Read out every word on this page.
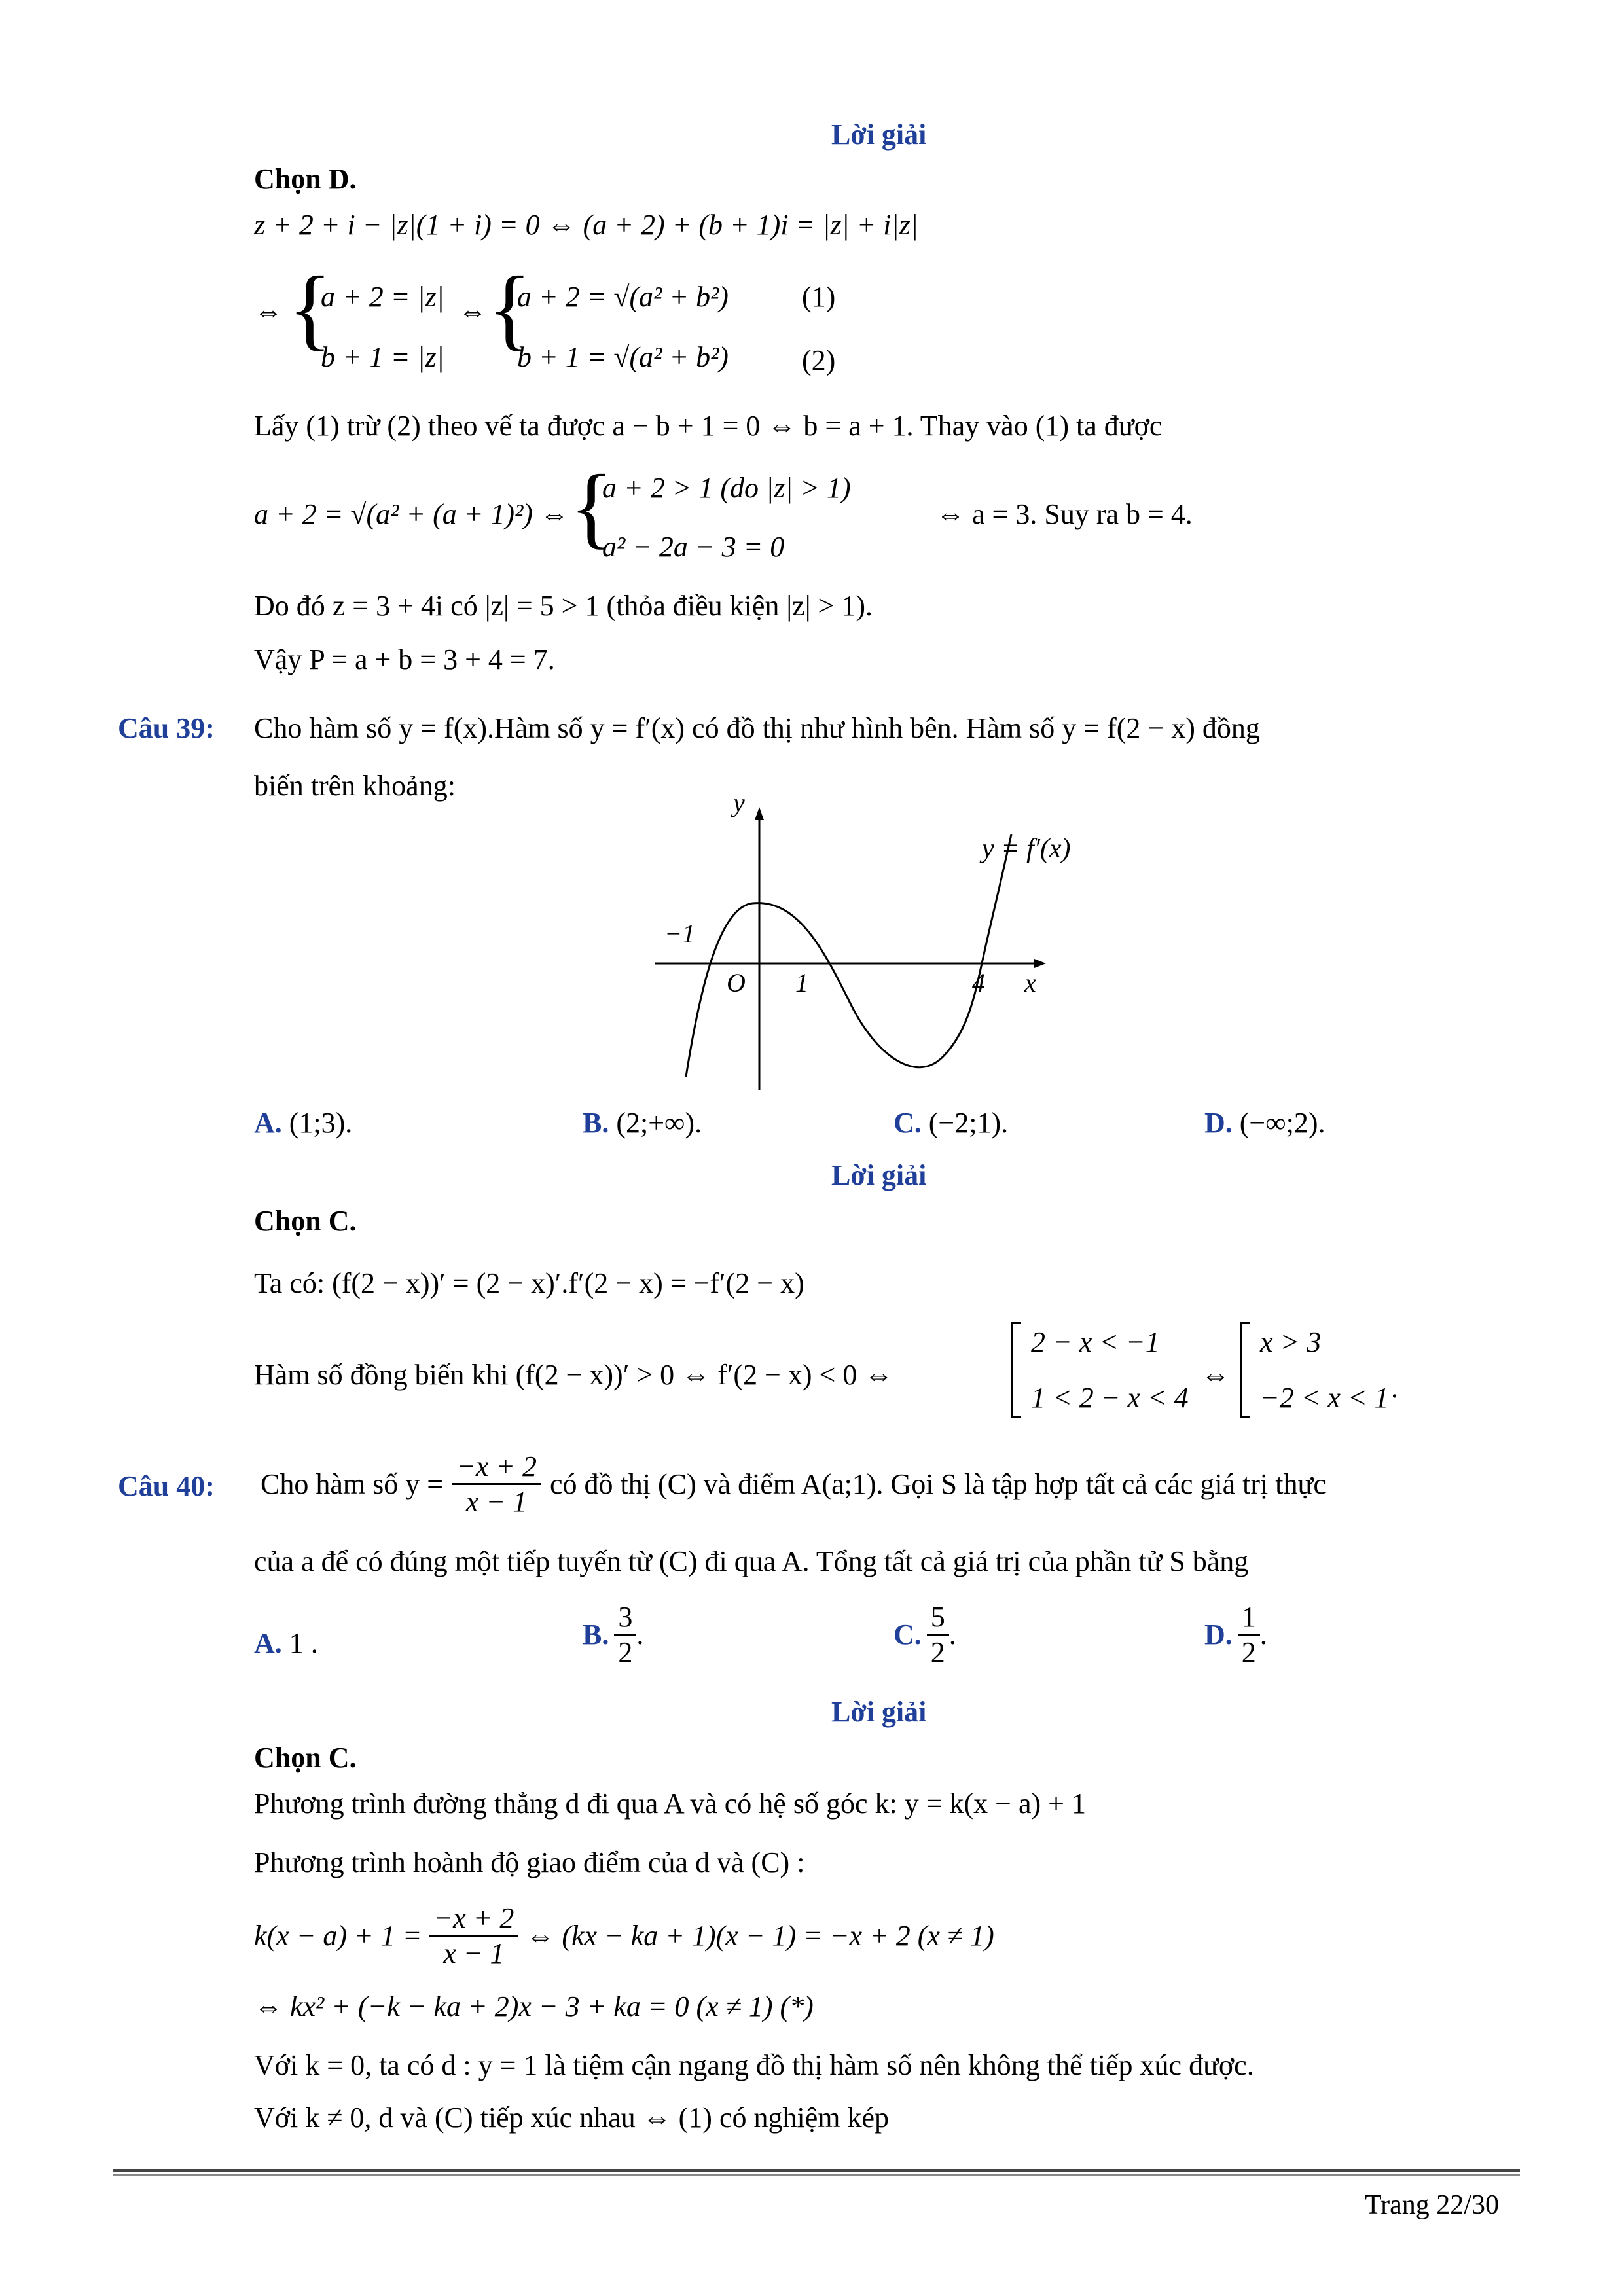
Lời giải
Chọn D.
z + 2 + i − |z|(1 + i) = 0 ⇔ (a + 2) + (b + 1)i = |z| + i|z|
⇔ {
a + 2 = |z|
b + 1 = |z|
⇔ {
a + 2 = √(a² + b²)
b + 1 = √(a² + b²)
(1)
(2)
Lấy (1) trừ (2) theo vế ta được a − b + 1 = 0 ⇔ b = a + 1. Thay vào (1) ta được
a + 2 = √(a² + (a + 1)²) ⇔ {
a + 2 > 1 (do |z| > 1)
a² − 2a − 3 = 0
⇔ a = 3. Suy ra b = 4.
Do đó z = 3 + 4i có |z| = 5 > 1 (thỏa điều kiện |z| > 1).
Vậy P = a + b = 3 + 4 = 7.
Câu 39: Cho hàm số y = f(x).Hàm số y = f′(x) có đồ thị như hình bên. Hàm số y = f(2 − x) đồng
biến trên khoảng:
y
x
O
−1
1	4
y = f′(x)
A. (1;3).	B. (2;+∞).	C. (−2;1).	D. (−∞;2).
Lời giải
Chọn C.
Ta có: (f(2 − x))′ = (2 − x)′.f′(2 − x) = −f′(2 − x)
Hàm số đồng biến khi (f(2 − x))′ > 0 ⇔ f′(2 − x) < 0 ⇔
2 − x < −1
1 < 2 − x < 4
⇔
x > 3
−2 < x < 1 .
Câu 40: Cho hàm số $y = \frac{-x + 2}{x - 1}$ có đồ thị (C) và điểm A(a;1). Gọi S là tập hợp tất cả các giá trị thực
của a để có đúng một tiếp tuyến từ (C) đi qua A. Tổng tất cả giá trị của phần tử S bằng
A. 1 .	B. $\frac{3}{2}$ .	C. $\frac{5}{2}$ .	D. $\frac{1}{2}$ .
Lời giải
Chọn C.
Phương trình đường thẳng d đi qua A và có hệ số góc k: y = k(x − a) + 1
Phương trình hoành độ giao điểm của d và (C) :
$k(x - a) + 1 = \frac{-x + 2}{x - 1}$ ⇔ (kx − ka + 1)(x − 1) = −x + 2 (x ≠ 1)
⇔ kx² + (−k − ka + 2)x − 3 + ka = 0 (x ≠ 1) (*)
Với k = 0, ta có d : y = 1 là tiệm cận ngang đồ thị hàm số nên không thể tiếp xúc được.
Với k ≠ 0, d và (C) tiếp xúc nhau ⇔ (1) có nghiệm kép
Trang 22/30
